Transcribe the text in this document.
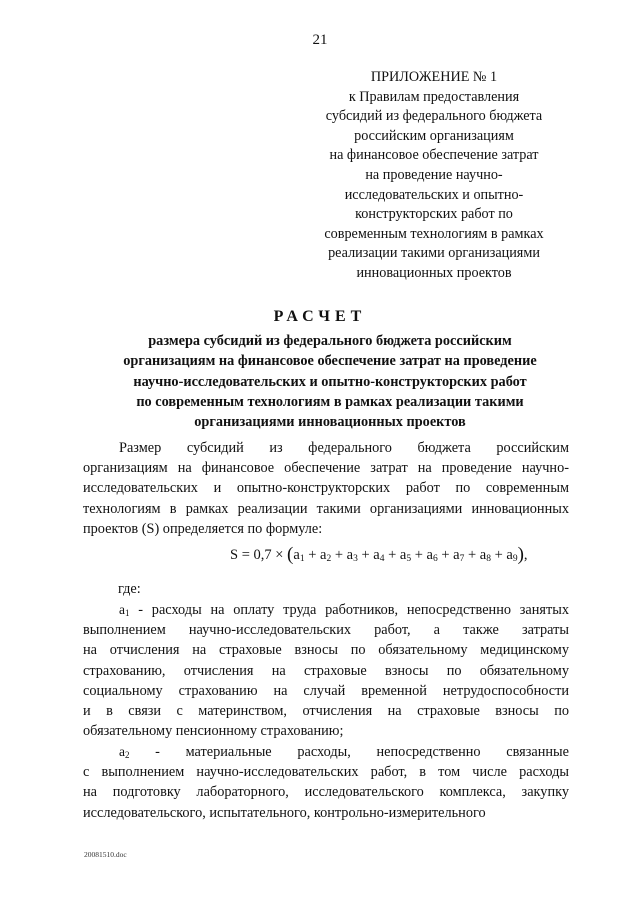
21
ПРИЛОЖЕНИЕ № 1
к Правилам предоставления
субсидий из федерального бюджета
российским организациям
на финансовое обеспечение затрат
на проведение научно-
исследовательских и опытно-
конструкторских работ по
современным технологиям в рамках
реализации такими организациями
инновационных проектов
РАСЧЕТ
размера субсидий из федерального бюджета российским
организациям на финансовое обеспечение затрат на проведение
научно-исследовательских и опытно-конструкторских работ
по современным технологиям в рамках реализации такими
организациями инновационных проектов
Размер субсидий из федерального бюджета российским
организациям на финансовое обеспечение затрат на проведение научно-
исследовательских и опытно-конструкторских работ по современным
технологиям в рамках реализации такими организациями инновационных
проектов (S) определяется по формуле:
$S = 0,7 \times (a_1 + a_2 + a_3 + a_4 + a_5 + a_6 + a_7 + a_8 + a_9)$,
где:
$a_1$ - расходы на оплату труда работников, непосредственно занятых
выполнением научно-исследовательских работ, а также затраты
на отчисления на страховые взносы по обязательному медицинскому
страхованию, отчисления на страховые взносы по обязательному
социальному страхованию на случай временной нетрудоспособности
и в связи с материнством, отчисления на страховые взносы по
обязательному пенсионному страхованию;
$a_2$ - материальные расходы, непосредственно связанные
с выполнением научно-исследовательских работ, в том числе расходы
на подготовку лабораторного, исследовательского комплекса, закупку
исследовательского, испытательного, контрольно-измерительного
20081510.doc
